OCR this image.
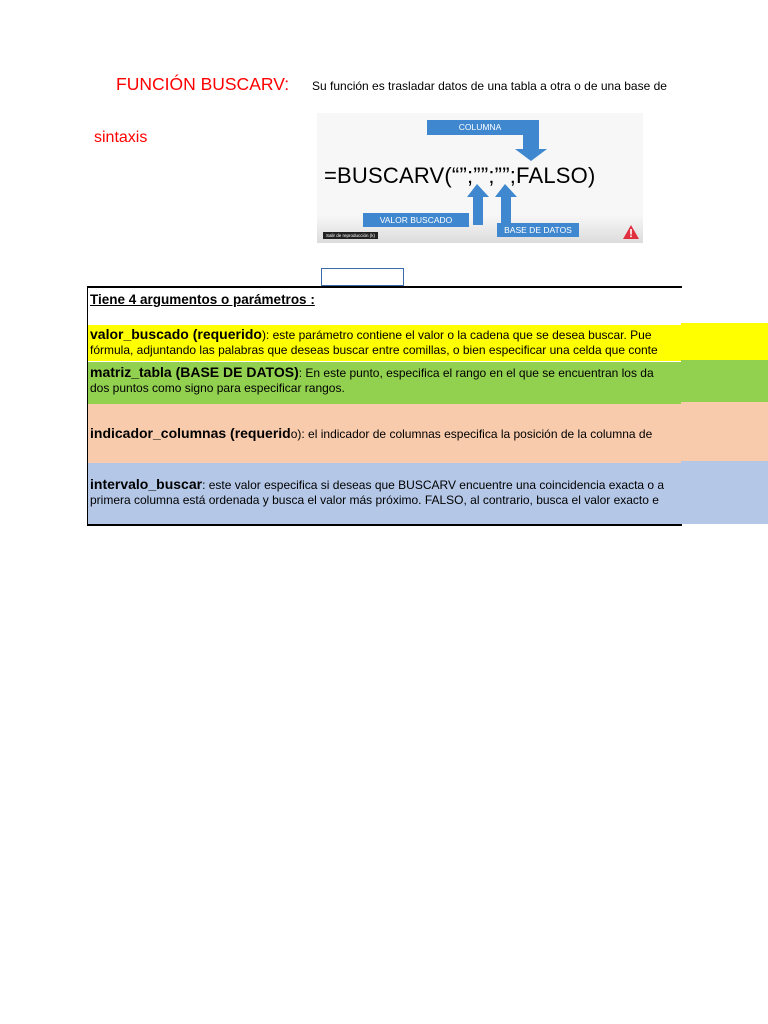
FUNCIÓN BUSCARV: Su función es trasladar datos de una tabla a otra o de una base de
sintaxis
COLUMNA
=BUSCARV(“”;””;””;FALSO)
VALOR BUSCADO
BASE DE DATOS
Salir de reproducción (k)
Tiene 4 argumentos o parámetros :
valor_buscado (requerido): este parámetro contiene el valor o la cadena que se desea buscar. Pue
fórmula, adjuntando las palabras que deseas buscar entre comillas, o bien especificar una celda que conte
matriz_tabla (BASE DE DATOS): En este punto, especifica el rango en el que se encuentran los da
dos puntos como signo para especificar rangos.
indicador_columnas (requerido): el indicador de columnas especifica la posición de la columna de
intervalo_buscar: este valor especifica si deseas que BUSCARV encuentre una coincidencia exacta o a
primera columna está ordenada y busca el valor más próximo. FALSO, al contrario, busca el valor exacto e
